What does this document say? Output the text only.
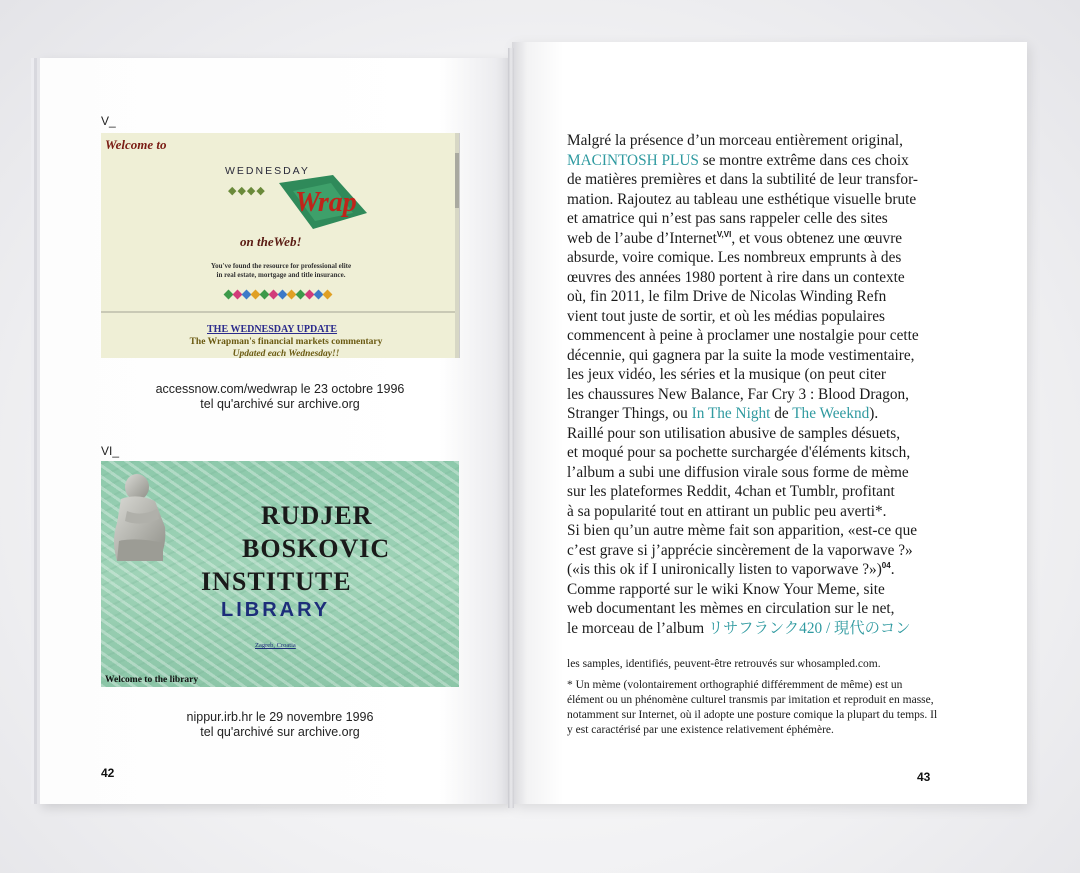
V_
Welcome to
WEDNESDAY
◆◆◆◆ Wrap
on theWeb!
You've found the resource for professional elite
in real estate, mortgage and title insurance.
THE WEDNESDAY UPDATE
The Wrapman's financial markets commentary
Updated each Wednesday!!
accessnow.com/wedwrap le 23 octobre 1996
tel qu'archivé sur archive.org
VI_
RUDJER
BOSKOVIC
INSTITUTE
LIBRARY
Zagreb, Croatia
Welcome to the library
nippur.irb.hr le 29 novembre 1996
tel qu'archivé sur archive.org
42
Malgré la présence d’un morceau entièrement original,
MACINTOSH PLUS se montre extrême dans ces choix
de matières premières et dans la subtilité de leur transfor-
mation. Rajoutez au tableau une esthétique visuelle brute
et amatrice qui n’est pas sans rappeler celle des sites
web de l’aube d’Internet$^{V,VI}$, et vous obtenez une œuvre
absurde, voire comique. Les nombreux emprunts à des
œuvres des années 1980 portent à rire dans un contexte
où, fin 2011, le film Drive de Nicolas Winding Refn
vient tout juste de sortir, et où les médias populaires
commencent à peine à proclamer une nostalgie pour cette
décennie, qui gagnera par la suite la mode vestimentaire,
les jeux vidéo, les séries et la musique (on peut citer
les chaussures New Balance, Far Cry 3 : Blood Dragon,
Stranger Things, ou In The Night de The Weeknd).
Raillé pour son utilisation abusive de samples désuets,
et moqué pour sa pochette surchargée d'éléments kitsch,
l’album a subi une diffusion virale sous forme de mème
sur les plateformes Reddit, 4chan et Tumblr, profitant
à sa popularité tout en attirant un public peu averti*.
Si bien qu’un autre mème fait son apparition, «est-ce que
c’est grave si j’apprécie sincèrement de la vaporwave ?»
(«is this ok if I unironically listen to vaporwave ?»)$^{04}$.
Comme rapporté sur le wiki Know Your Meme, site
web documentant les mèmes en circulation sur le net,
le morceau de l’album リサフランク420 / 現代のコン

les samples, identifiés, peuvent-être retrouvés sur whosampled.com.

* Un mème (volontairement orthographié différemment de même) est un élément ou un phénomène culturel transmis par imitation et reproduit en masse, notamment sur Internet, où il adopte une posture comique la plupart du temps. Il y est caractérisé par une existence relativement éphémère.

43
